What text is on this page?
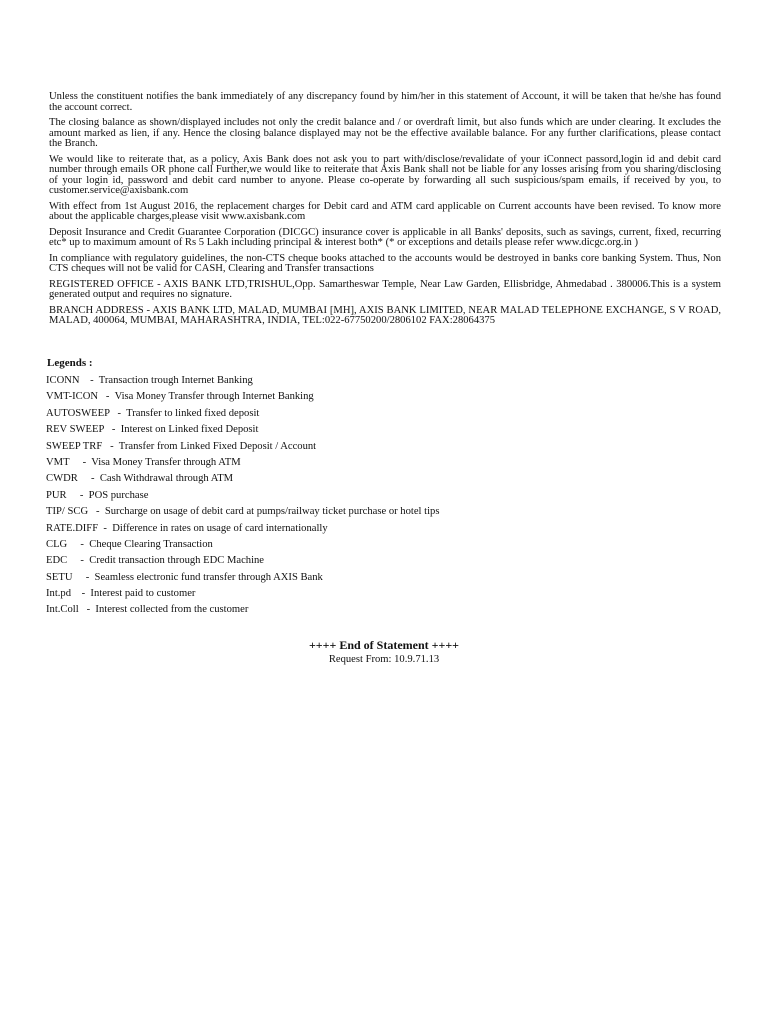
Unless the constituent notifies the bank immediately of any discrepancy found by him/her in this statement of Account, it will be taken that he/she has found the account correct.

The closing balance as shown/displayed includes not only the credit balance and / or overdraft limit, but also funds which are under clearing. It excludes the amount marked as lien, if any. Hence the closing balance displayed may not be the effective available balance. For any further clarifications, please contact the Branch.

We would like to reiterate that, as a policy, Axis Bank does not ask you to part with/disclose/revalidate of your iConnect passord,login id and debit card number through emails OR phone call Further,we would like to reiterate that Axis Bank shall not be liable for any losses arising from you sharing/disclosing of your login id, password and debit card number to anyone. Please co-operate by forwarding all such suspicious/spam emails, if received by you, to customer.service@axisbank.com

With effect from 1st August 2016, the replacement charges for Debit card and ATM card applicable on Current accounts have been revised. To know more about the applicable charges,please visit www.axisbank.com

Deposit Insurance and Credit Guarantee Corporation (DICGC) insurance cover is applicable in all Banks' deposits, such as savings, current, fixed, recurring etc* up to maximum amount of Rs 5 Lakh including principal & interest both* (* or exceptions and details please refer www.dicgc.org.in )

In compliance with regulatory guidelines, the non-CTS cheque books attached to the accounts would be destroyed in banks core banking System. Thus, Non CTS cheques will not be valid for CASH, Clearing and Transfer transactions

REGISTERED OFFICE - AXIS BANK LTD,TRISHUL,Opp. Samartheswar Temple, Near Law Garden, Ellisbridge, Ahmedabad . 380006.This is a system generated output and requires no signature.

BRANCH ADDRESS - AXIS BANK LTD, MALAD, MUMBAI [MH], AXIS BANK LIMITED, NEAR MALAD TELEPHONE EXCHANGE, S V ROAD, MALAD, 400064, MUMBAI, MAHARASHTRA, INDIA, TEL:022-67750200/2806102 FAX:28064375

Legends :
ICONN    -  Transaction trough Internet Banking
VMT-ICON   -  Visa Money Transfer through Internet Banking
AUTOSWEEP   -  Transfer to linked fixed deposit
REV SWEEP   -  Interest on Linked fixed Deposit
SWEEP TRF   -  Transfer from Linked Fixed Deposit / Account
VMT     -  Visa Money Transfer through ATM
CWDR     -  Cash Withdrawal through ATM
PUR     -  POS purchase
TIP/ SCG   -  Surcharge on usage of debit card at pumps/railway ticket purchase or hotel tips
RATE.DIFF  -  Difference in rates on usage of card internationally
CLG     -  Cheque Clearing Transaction
EDC     -  Credit transaction through EDC Machine
SETU     -  Seamless electronic fund transfer through AXIS Bank
Int.pd    -  Interest paid to customer
Int.Coll   -  Interest collected from the customer
++++ End of Statement ++++
Request From: 10.9.71.13
